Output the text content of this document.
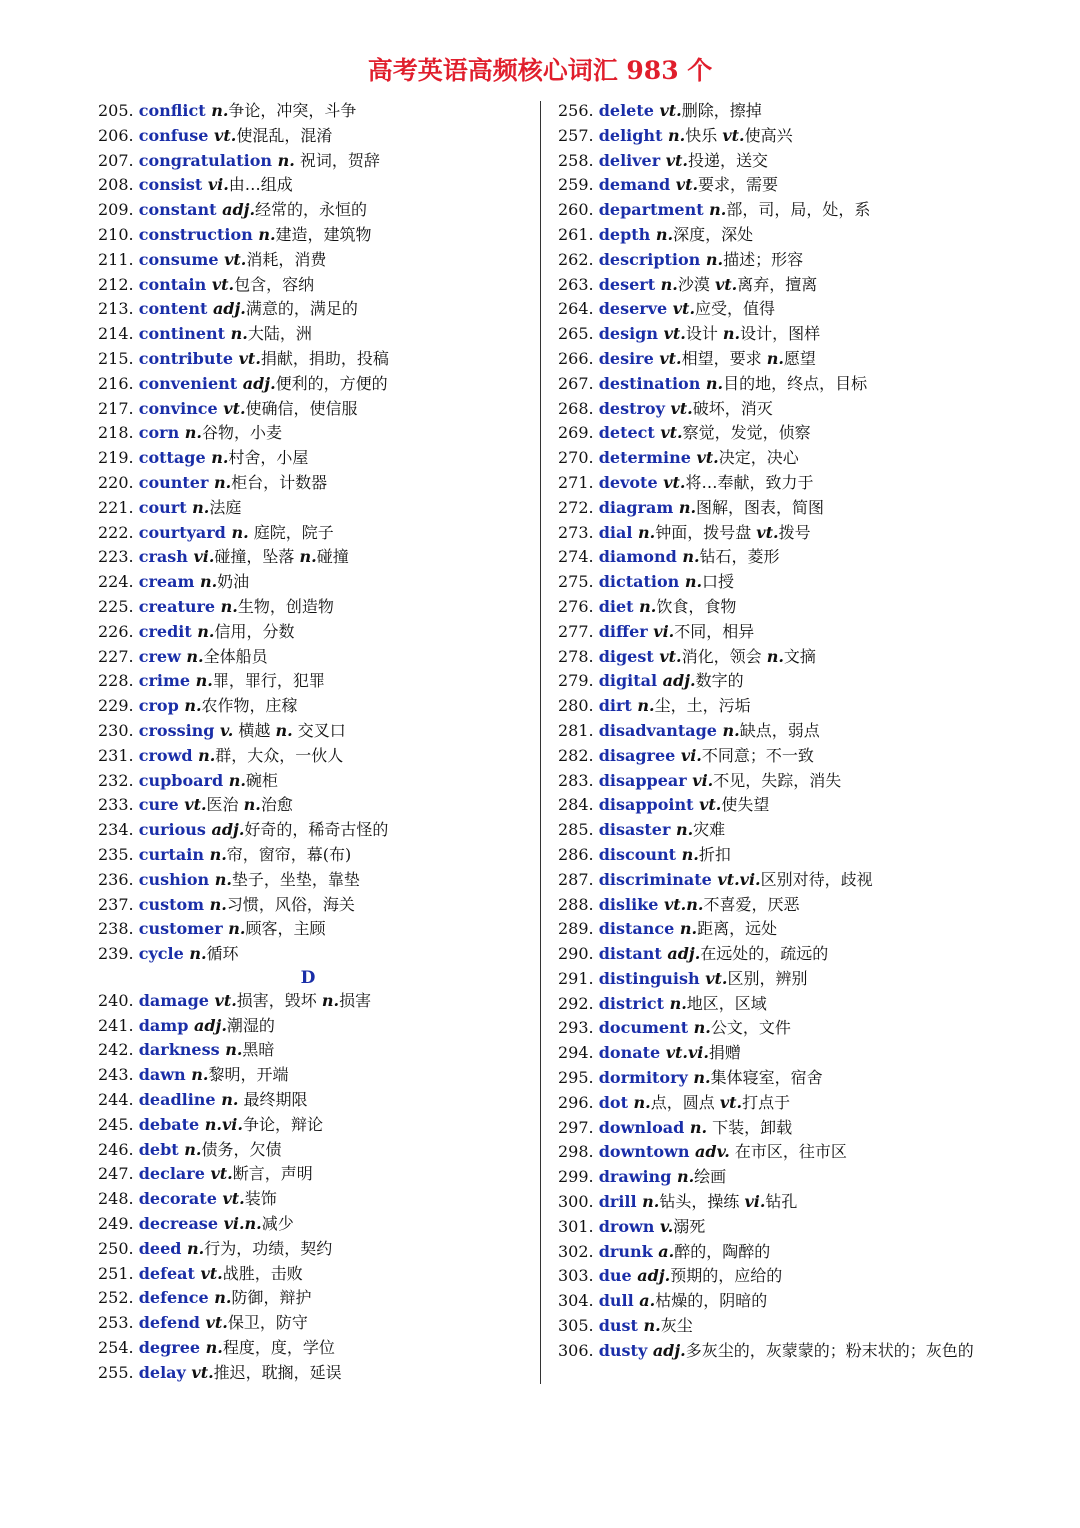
高考英语高频核心词汇 983 个
205. conflict n.争论，冲突，斗争
206. confuse vt.使混乱，混淆
207. congratulation n. 祝词，贺辞
208. consist vi.由…组成
209. constant adj.经常的，永恒的
210. construction n.建造，建筑物
211. consume vt.消耗，消费
212. contain vt.包含，容纳
213. content adj.满意的，满足的
214. continent n.大陆，洲
215. contribute vt.捐献，捐助，投稿
216. convenient adj.便利的，方便的
217. convince vt.使确信，使信服
218. corn n.谷物，小麦
219. cottage n.村舍，小屋
220. counter n.柜台，计数器
221. court n.法庭
222. courtyard n. 庭院，院子
223. crash vi.碰撞，坠落 n.碰撞
224. cream n.奶油
225. creature n.生物，创造物
226. credit n.信用，分数
227. crew n.全体船员
228. crime n.罪，罪行，犯罪
229. crop n.农作物，庄稼
230. crossing v. 横越 n. 交叉口
231. crowd n.群，大众，一伙人
232. cupboard n.碗柜
233. cure vt.医治 n.治愈
234. curious adj.好奇的，稀奇古怪的
235. curtain n.帘，窗帘，幕(布)
236. cushion n.垫子，坐垫，靠垫
237. custom n.习惯，风俗，海关
238. customer n.顾客，主顾
239. cycle n.循环
D
240. damage vt.损害，毁坏 n.损害
241. damp adj.潮湿的
242. darkness n.黑暗
243. dawn n.黎明，开端
244. deadline n. 最终期限
245. debate n.vi.争论，辩论
246. debt n.债务，欠债
247. declare vt.断言，声明
248. decorate vt.装饰
249. decrease vi.n.减少
250. deed n.行为，功绩，契约
251. defeat vt.战胜，击败
252. defence n.防御，辩护
253. defend vt.保卫，防守
254. degree n.程度，度，学位
255. delay vt.推迟，耽搁，延误
256. delete vt.删除，擦掉
257. delight n.快乐 vt.使高兴
258. deliver vt.投递，送交
259. demand vt.要求，需要
260. department n.部，司，局，处，系
261. depth n.深度，深处
262. description n.描述；形容
263. desert n.沙漠 vt.离弃，擅离
264. deserve vt.应受，值得
265. design vt.设计 n.设计，图样
266. desire vt.相望，要求 n.愿望
267. destination n.目的地，终点，目标
268. destroy vt.破坏，消灭
269. detect vt.察觉，发觉，侦察
270. determine vt.决定，决心
271. devote vt.将…奉献，致力于
272. diagram n.图解，图表，简图
273. dial n.钟面，拨号盘 vt.拨号
274. diamond n.钻石，菱形
275. dictation n.口授
276. diet n.饮食，食物
277. differ vi.不同，相异
278. digest vt.消化，领会 n.文摘
279. digital adj.数字的
280. dirt n.尘，土，污垢
281. disadvantage n.缺点，弱点
282. disagree vi.不同意；不一致
283. disappear vi.不见，失踪，消失
284. disappoint vt.使失望
285. disaster n.灾难
286. discount n.折扣
287. discriminate vt.vi.区别对待，歧视
288. dislike vt.n.不喜爱，厌恶
289. distance n.距离，远处
290. distant adj.在远处的，疏远的
291. distinguish vt.区别，辨别
292. district n.地区，区域
293. document n.公文，文件
294. donate vt.vi.捐赠
295. dormitory n.集体寝室，宿舍
296. dot n.点，圆点 vt.打点于
297. download n. 下装，卸载
298. downtown adv. 在市区，往市区
299. drawing n.绘画
300. drill n.钻头，操练 vi.钻孔
301. drown v.溺死
302. drunk a.醉的，陶醉的
303. due adj.预期的，应给的
304. dull a.枯燥的，阴暗的
305. dust n.灰尘
306. dusty adj.多灰尘的，灰蒙蒙的；粉末状的；灰色的
